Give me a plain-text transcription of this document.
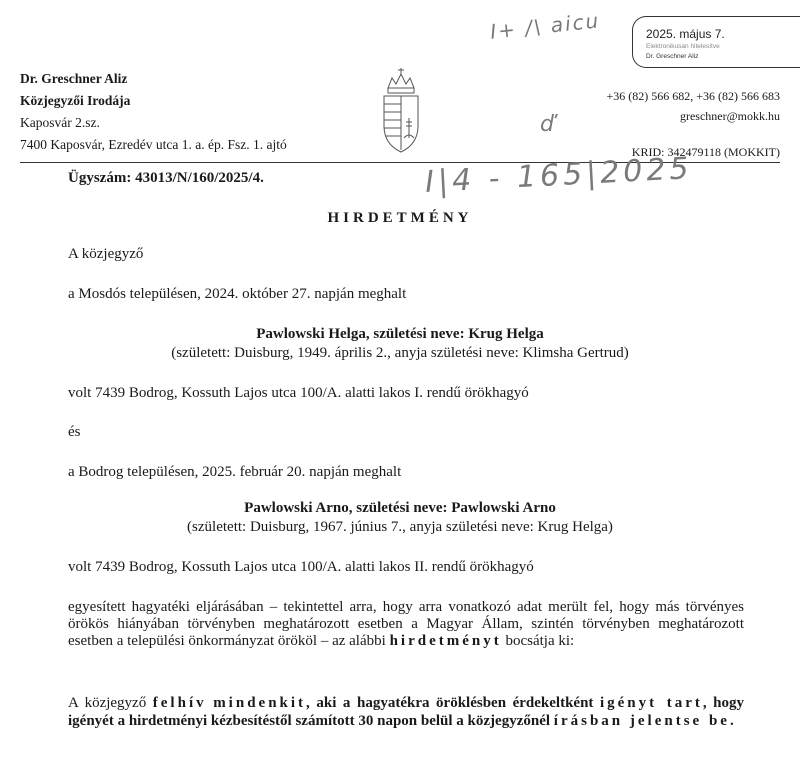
I+ /\ aicu	2025. május 7.
Elektronikusan hitelesítve
Dr. Greschner Aliz
Dr. Greschner Aliz
Közjegyzői Irodája
Kaposvár 2.sz.
7400 Kaposvár, Ezredév utca 1. a. ép. Fsz. 1. ajtó
+36 (82) 566 682, +36 (82) 566 683
greschner@mokk.hu
ď
KRID: 342479118 (MOKKIT)
Ügyszám: 43013/N/160/2025/4.	I|4 - 165|2025
HIRDETMÉNY
A közjegyző
a Mosdós településen, 2024. október 27. napján meghalt
Pawlowski Helga, születési neve: Krug Helga
(született: Duisburg, 1949. április 2., anyja születési neve: Klimsha Gertrud)
volt 7439 Bodrog, Kossuth Lajos utca 100/A. alatti lakos I. rendű örökhagyó
és
a Bodrog településen, 2025. február 20. napján meghalt
Pawlowski Arno, születési neve: Pawlowski Arno
(született: Duisburg, 1967. június 7., anyja születési neve: Krug Helga)
volt 7439 Bodrog, Kossuth Lajos utca 100/A. alatti lakos II. rendű örökhagyó
egyesített hagyatéki eljárásában – tekintettel arra, hogy arra vonatkozó adat merült fel, hogy más törvényes örökös hiányában törvényben meghatározott esetben a Magyar Állam, szintén törvényben meghatározott esetben a települési önkormányzat örököl – az alábbi hirdetményt bocsátja ki:
A közjegyző felhív mindenkit, aki a hagyatékra öröklésben érdekeltként igényt tart, hogy igényét a hirdetményi kézbesítéstől számított 30 napon belül a közjegyzőnél írásban jelentse be.
